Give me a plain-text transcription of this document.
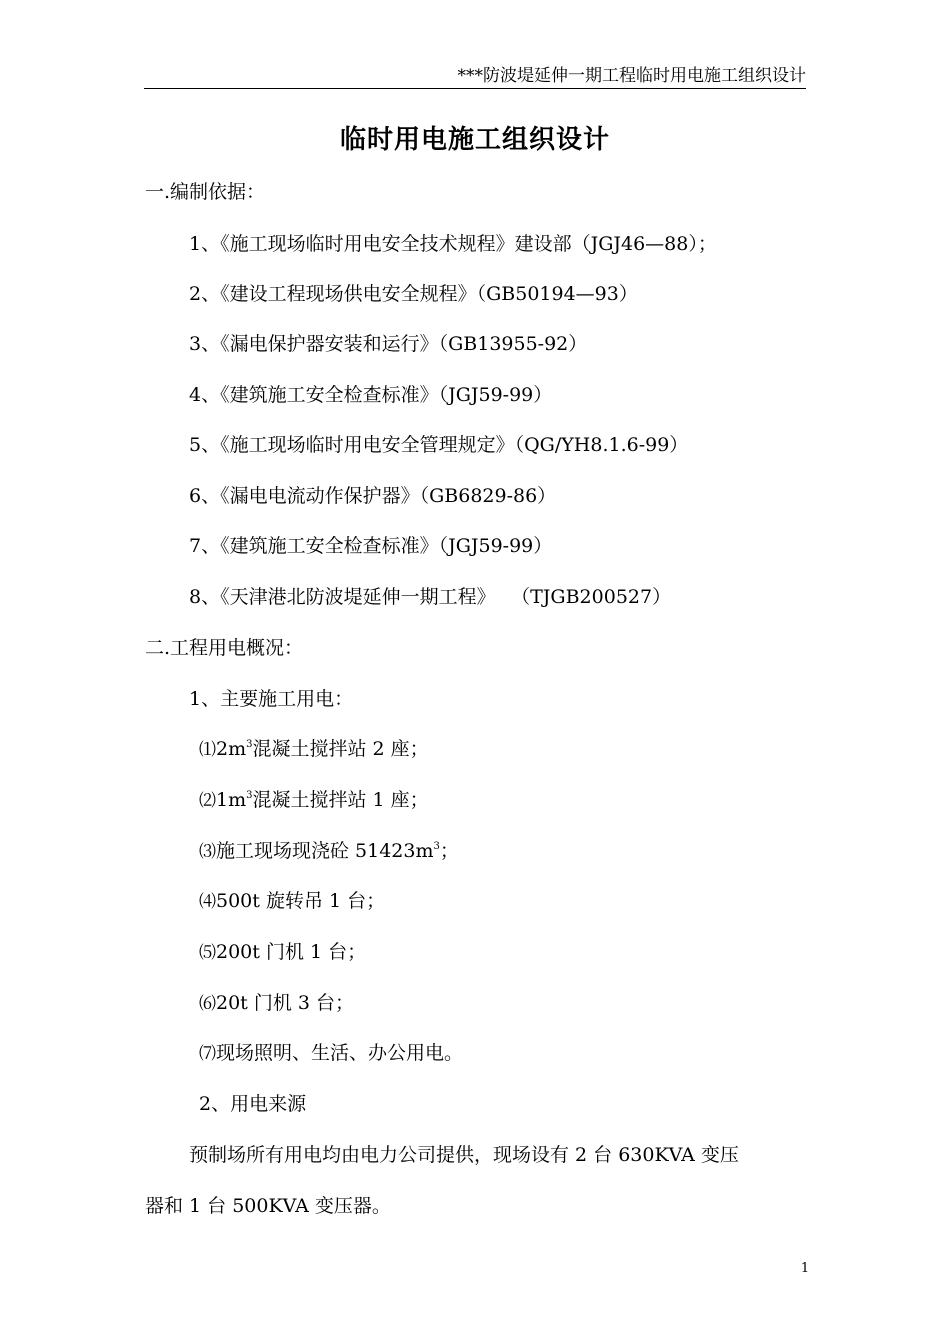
***防波堤延伸一期工程临时用电施工组织设计
临时用电施工组织设计
一.编制依据：
1、《施工现场临时用电安全技术规程》建设部（JGJ46—88）；
2、《建设工程现场供电安全规程》（GB50194—93）
3、《漏电保护器安装和运行》（GB13955-92）
4、《建筑施工安全检查标准》（JGJ59-99）
5、《施工现场临时用电安全管理规定》（QG/YH8.1.6-99）
6、《漏电电流动作保护器》（GB6829-86）
7、《建筑施工安全检查标准》（JGJ59-99）
8、《天津港北防波堤延伸一期工程》　 （TJGB200527）
二.工程用电概况：
1、主要施工用电：
$⑴2m^3$混凝土搅拌站 2 座；
$⑵1m^3$混凝土搅拌站 1 座；
⑶施工现场现浇砼 $51423m^3$；
⑷500t 旋转吊 1 台；
⑸200t 门机 1 台；
⑹20t 门机 3 台；
⑺现场照明、生活、办公用电。
2、用电来源
预制场所有用电均由电力公司提供，现场设有 2 台 630KVA 变压
器和 1 台 500KVA 变压器。
1
